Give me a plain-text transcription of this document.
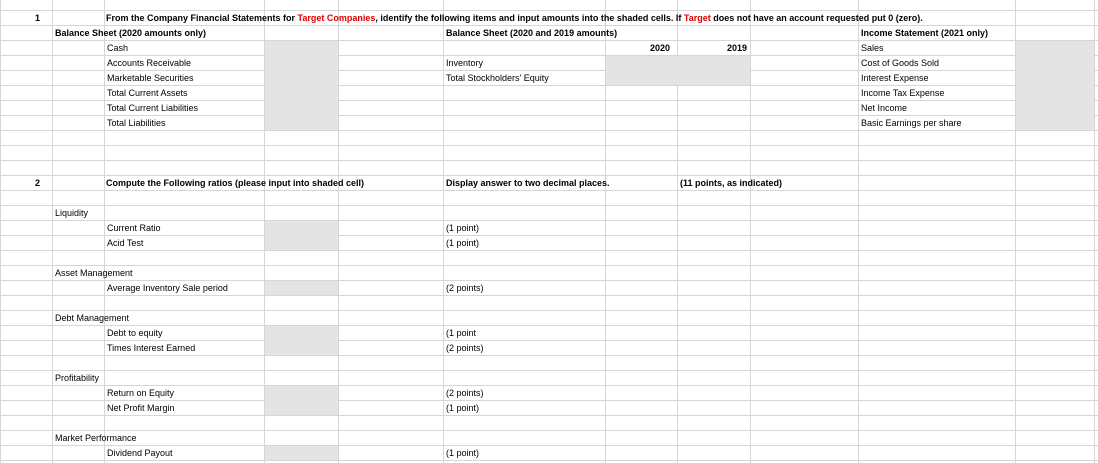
1	From the Company Financial Statements for Target Companies, identify the following items and input amounts into the shaded cells. If Target does not have an account requested put 0 (zero).
Balance Sheet (2020 amounts only)	Balance Sheet (2020 and 2019 amounts)	Income Statement (2021 only)
2020	2019
Cash
Accounts Receivable
Marketable Securities
Total Current Assets
Total Current Liabilities
Total Liabilities
Inventory
Total Stockholders' Equity
Sales
Cost of Goods Sold
Interest Expense
Income Tax Expense
Net Income
Basic Earnings per share
2	Compute the Following ratios (please input into shaded cell)	Display answer to two decimal places.	(11 points, as indicated)
Liquidity
Current Ratio	(1 point)
Acid Test	(1 point)
Asset Management
Average Inventory Sale period	(2 points)
Debt Management
Debt to equity	(1 point
Times Interest Earned	(2 points)
Profitability
Return on Equity	(2 points)
Net Profit Margin	(1 point)
Market Performance
Dividend Payout	(1 point)
